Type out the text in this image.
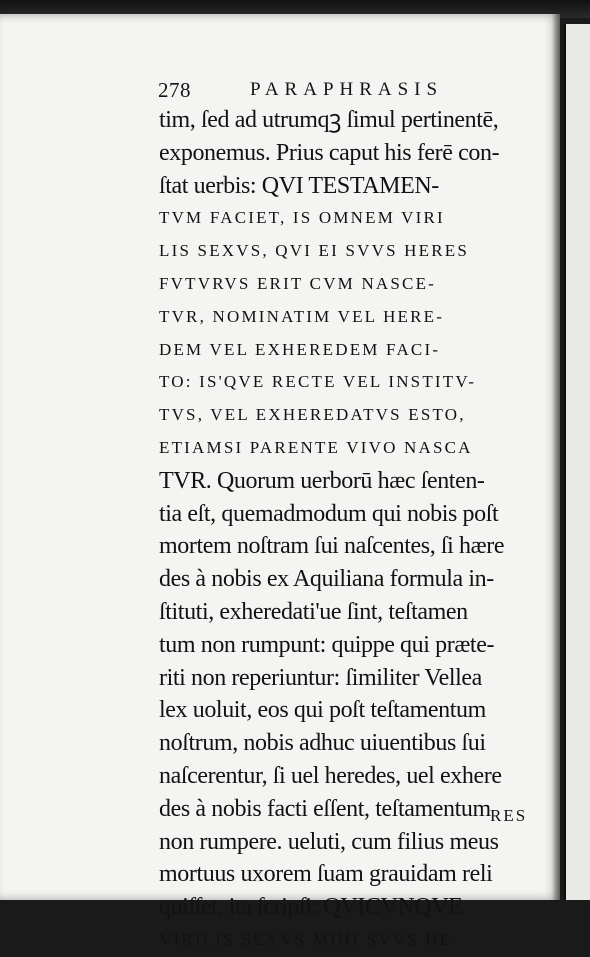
278	PARAPHRASIS
tim, ſed ad utrumqꝫ ſimul pertinentē,
exponemus. Prius caput his ferē con-
ſtat uerbis: QVI TESTAMEN-
TVM FACIET, IS OMNEM VIRI
LIS SEXVS, QVI EI SVVS HERES
FVTVRVS ERIT CVM NASCE-
TVR, NOMINATIM VEL HERE-
DEM VEL EXHEREDEM FACI-
TO: IS'QVE RECTE VEL INSTITV-
TVS, VEL EXHEREDATVS ESTO,
ETIAMSI PARENTE VIVO NASCA
TVR. Quorum uerborū hæc ſenten-
tia eſt, quemadmodum qui nobis poſt
mortem noſtram ſui naſcentes, ſi hære
des à nobis ex Aquiliana formula in-
ſtituti, exheredati'ue ſint, teſtamen
tum non rumpunt: quippe qui præte-
riti non reperiuntur: ſimiliter Vellea
lex uoluit, eos qui poſt teſtamentum
noſtrum, nobis adhuc uiuentibus ſui
naſcerentur, ſi uel heredes, uel exhere
des à nobis facti eſſent, teſtamentum
non rumpere. ueluti, cum filius meus
mortuus uxorem ſuam grauidam reli
quiſſet, ita ſcripſi: QVICVNQVE
VIRILIS SEXVS MIHI SVVS HE
RES
